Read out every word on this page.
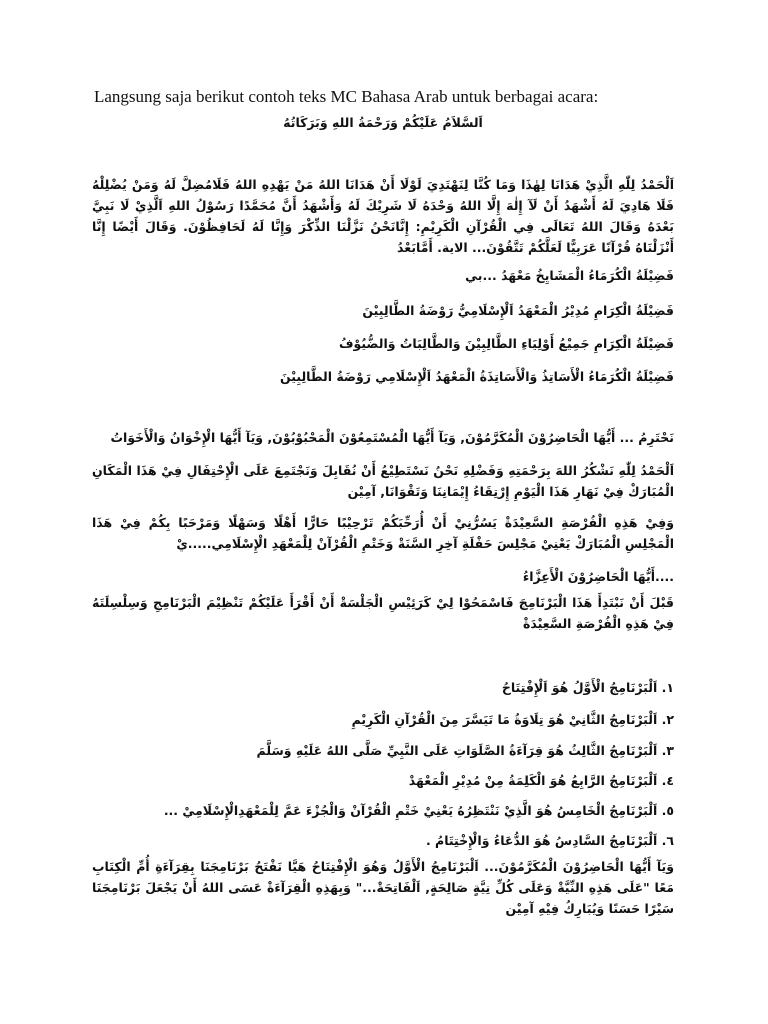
Langsung saja berikut contoh teks MC Bahasa Arab untuk berbagai acara:
اَلسَّلاَمُ عَلَيْكُمْ وَرَحْمَةُ اللهِ وَبَرَكَاتُهُ
اَلْحَمْدُ لِلّٰهِ الَّذِيْ هَدَانَا لِهٰذَا وَمَا كُنَّا لِنَهْتَدِيَ لَوْلَا أَنْ هَدَانَا اللهُ مَنْ يَهْدِهِ اللهُ فَلَامُضِلَّ لَهُ وَمَنْ يُضْلِلْهُ فَلَا هَادِيَ لَهُ أَشْهَدُ أَنْ لَآ إِلٰهَ إِلَّا اللهُ وَحْدَهُ لَا شَرِيْكَ لَهُ وَأَشْهَدُ أَنَّ مُحَمَّدًا رَسُوْلُ اللهِ اَلَّذِيْ لَا نَبِيَّ بَعْدَهُ وَقَالَ اللهُ تَعَالَى فِي الْقُرْآنِ الْكَرِيْمِ: إِنَّانَحْنُ نَزَّلْنَا الذِّكْرَ وَإِنَّا لَهُ لَحَافِظُوْنَ. وَقَالَ أَيْضًا إِنَّا أَنْزَلْنَاهُ قُرْآنًا عَرَبِيًّا لَعَلَّكُمْ تَتَّقُوْنَ... الاية. أَمَّابَعْدُ
فَضِيْلَةُ الْكُرَمَاءُ الْمَشَايِخُ مَعْهَدُ ...بي
فَضِيْلَةُ الْكِرَامِ مُدِيْرُ الْمَعْهَدُ اَلْإِسْلَامِيُّ رَوْضَةُ الطَّالِبِيْنَ
فَضِيْلَةُ الْكِرَامِ جَمِيْعُ أَوْلِيَاءِ الطَّالِبِيْنَ وَالطَّالِبَاتُ وَالضُّيُوْفُ
فَضِيْلَةُ الْكُرَمَاءُ الْأَسَاتِذُ وَالْأَسَاتِذَةُ الْمَعْهَدُ اَلْإِسْلَامِي رَوْضَةُ الطَّالِبِيْنَ
نَحْتَرِمُ ... أَيُّهَا الْحَاضِرُوْنَ الْمُكَرَّمُوْنَ, وَيَآ أَيُّهَا الْمُسْتَمِعُوْنَ الْمَحْبُوْبُوْنَ, وَيَآ أَيُّهَا الْإِخْوَانُ وَالْأَخَوَاتُ
اَلْحَمْدُ لِلّٰهِ نَشْكُرُ اللهَ بِرَحْمَتِهِ وَفَضْلِهِ نَحْنُ نَسْتَطِيْعُ أَنْ نُقَابِلَ وَنَجْتَمِعَ عَلَى الْإِحْتِفَالِ فِيْ هَذَا الْمَكَانِ الْمُبَارَكْ فِيْ نَهَارِ هَذَا الْيَوْمِ إِرْتِقَاءُ إِيْمَانِنَا وَتَقْوَانَا, آمِيْن
وَفِيْ هَذِهِ الْفُرْصَةِ السَّعِيْدَةْ يَسُرُّنِيْ أَنْ أُرَحِّبَكُمْ تَرْحِيْبًا حَارًّا أَهْلًا وَسَهْلًا وَمَرْحَبًا بِكُمْ فِيْ هَذَا الْمَجْلِسِ الْمُبَارَكْ يَعْنِيْ مَجْلِسَ حَفْلَةِ آخِرِ السَّنَةْ وَخَتْمِ الْقُرْآنْ لِلْمَعْهَدِ الْإِسْلَامِي.....يْ
....أَيُّهَا الْحَاضِرُوْنَ الْأَعِزَّاءُ
قَبْلَ أَنْ نَبْتَدِأَ هَذَا الْبَرْنَامِجَ فَاسْمَحُوْا لِيْ كَرَئِيْسِ الْجَلْسَةْ أَنْ أَقْرَأَ عَلَيْكُمْ تَنْظِيْمَ الْبَرْنَامِجِ وَسِلْسِلَتَهُ فِيْ هَذِهِ الْفُرْصَةِ السَّعِيْدَةْ
١. اَلْبَرْنَامِجُ الْأَوَّلُ هُوَ اَلْإِفْتِتَاحُ
٢. اَلْبَرْنَامِجُ الثَّانِيْ هُوَ تِلَاوَةُ مَا تَيَسَّرَ مِنَ الْقُرْآنِ الْكَرِيْمِ
٣. اَلْبَرْنَامِجُ الثَّالِثُ هُوَ قِرَآءَةُ الصَّلَوَاتِ عَلَى النَّبِيِّ صَلَّى اللهُ عَلَيْهِ وَسَلَّمَ
٤. اَلْبَرْنَامِجُ الرَّابِعُ هُوَ الْكَلِمَةُ مِنْ مُدِيْرِ الْمَعْهَدْ
٥. اَلْبَرْنَامِجُ الْخَامِسُ هُوَ الَّذِيْ نَنْتَظِرُهُ يَعْنِيْ خَتْمِ الْقُرْآنْ وَالْجُزْءَ عَمَّ لِلْمَعْهَدِالْإِسْلَامِيْ ...
٦. اَلْبَرْنَامِجُ السَّادِسُ هُوَ الدُّعَاءُ وَالْإِخْتِتَامُ .
وَيَآ أَيُّهَا الْحَاضِرُوْنَ الْمُكَرَّمُوْنَ... اَلْبَرْنَامِجُ الْأَوَّلُ وَهُوَ الْإِفْتِتَاحُ هَيَّا نَفْتَحُ بَرْنَامِجَنَا بِقِرَآءَةِ أُمِّ الْكِتَابِ مَعًا "عَلَى هَذِهِ النِّيَّةْ وَعَلَى كُلِّ نِيَّةٍ صَالِحَةٍ, اَلْفَاتِحَةْ..." وَبِهَذِهِ الْقِرَآءَةْ عَسَى اللهُ أَنْ يَجْعَلَ بَرْنَامِجَنَا سَيْرًا حَسَنًا وَيُبَارِكُ فِيْهِ آمِيْن
